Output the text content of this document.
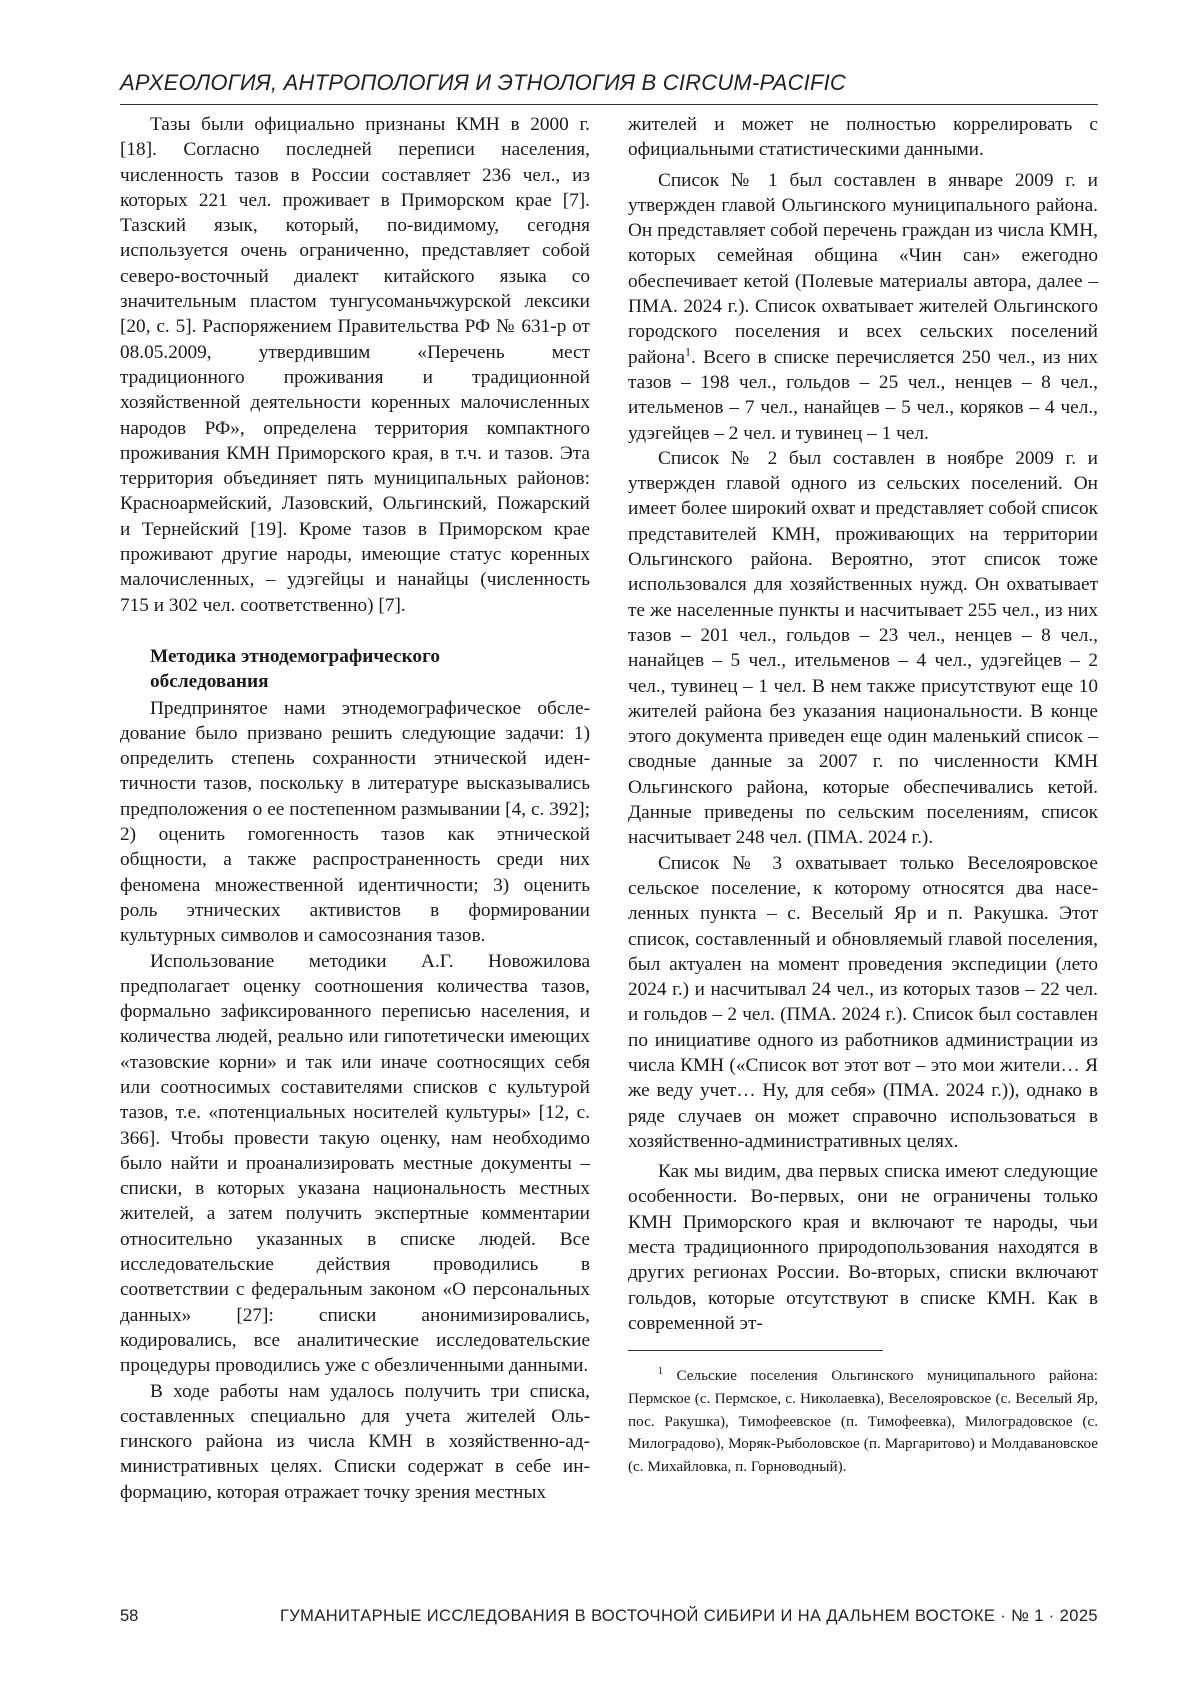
АРХЕОЛОГИЯ, АНТРОПОЛОГИЯ И ЭТНОЛОГИЯ В CIRCUM-PACIFIC

Тазы были официально признаны КМН в 2000 г. [18]. Согласно последней переписи населения, численность тазов в России составляет 236 чел., из которых 221 чел. проживает в Приморском крае [7]. Тазский язык, который, по-видимому, сегодня используется очень ограниченно, представляет собой северо-восточный диалект китайского языка со значительным пластом тунгусоманьчжурской лексики [20, с. 5]. Распоряжением Правительства РФ № 631-р от 08.05.2009, утвердившим «Перечень мест традиционного проживания и традиционной хозяйственной деятельности коренных малочисленных народов РФ», определена территория компактного проживания КМН Приморского края, в т.ч. и тазов. Эта территория объединяет пять муниципальных районов: Красноармейский, Лазовский, Ольгинский, Пожарский и Тернейский [19]. Кроме тазов в Приморском крае проживают другие народы, имеющие статус коренных малочисленных, – удэгейцы и нанайцы (численность 715 и 302 чел. соответственно) [7].

Методика этнодемографического
обследования

Предпринятое нами этнодемографическое обследование было призвано решить следующие задачи: 1) определить степень сохранности этнической идентичности тазов, поскольку в литературе высказывались предположения о ее постепенном размывании [4, с. 392]; 2) оценить гомогенность тазов как этнической общности, а также распространенность среди них феномена множественной идентичности; 3) оценить роль этнических активистов в формировании культурных символов и самосознания тазов.

Использование методики А.Г. Новожилова предполагает оценку соотношения количества тазов, формально зафиксированного переписью населения, и количества людей, реально или гипотетически имеющих «тазовские корни» и так или иначе соотносящих себя или соотносимых составителями списков с культурой тазов, т.е. «потенциальных носителей культуры» [12, с. 366]. Чтобы провести такую оценку, нам необходимо было найти и проанализировать местные документы – списки, в которых указана национальность местных жителей, а затем получить экспертные комментарии относительно указанных в списке людей. Все исследовательские действия проводились в соответствии с федеральным законом «О персональных данных» [27]: списки анонимизировались, кодировались, все аналитические исследовательские процедуры проводились уже с обезличенными данными.

В ходе работы нам удалось получить три списка, составленных специально для учета жителей Ольгинского района из числа КМН в хозяйственно-административных целях. Списки содержат в себе информацию, которая отражает точку зрения местных

жителей и может не полностью коррелировать с официальными статистическими данными.

Список № 1 был составлен в январе 2009 г. и утвержден главой Ольгинского муниципального района. Он представляет собой перечень граждан из числа КМН, которых семейная община «Чин сан» ежегодно обеспечивает кетой (Полевые материалы автора, далее – ПМА. 2024 г.). Список охватывает жителей Ольгинского городского поселения и всех сельских поселений района$^1$. Всего в списке перечисляется 250 чел., из них тазов – 198 чел., гольдов – 25 чел., ненцев – 8 чел., ительменов – 7 чел., нанайцев – 5 чел., коряков – 4 чел., удэгейцев – 2 чел. и тувинец – 1 чел.

Список № 2 был составлен в ноябре 2009 г. и утвержден главой одного из сельских поселений. Он имеет более широкий охват и представляет собой список представителей КМН, проживающих на территории Ольгинского района. Вероятно, этот список тоже использовался для хозяйственных нужд. Он охватывает те же населенные пункты и насчитывает 255 чел., из них тазов – 201 чел., гольдов – 23 чел., ненцев – 8 чел., нанайцев – 5 чел., ительменов – 4 чел., удэгейцев – 2 чел., тувинец – 1 чел. В нем также присутствуют еще 10 жителей района без указания национальности. В конце этого документа приведен еще один маленький список – сводные данные за 2007 г. по численности КМН Ольгинского района, которые обеспечивались кетой. Данные приведены по сельским поселениям, список насчитывает 248 чел. (ПМА. 2024 г.).

Список № 3 охватывает только Веселояровское сельское поселение, к которому относятся два населенных пункта – с. Веселый Яр и п. Ракушка. Этот список, составленный и обновляемый главой поселения, был актуален на момент проведения экспедиции (лето 2024 г.) и насчитывал 24 чел., из которых тазов – 22 чел. и гольдов – 2 чел. (ПМА. 2024 г.). Список был составлен по инициативе одного из работников администрации из числа КМН («Список вот этот вот – это мои жители… Я же веду учет… Ну, для себя» (ПМА. 2024 г.)), однако в ряде случаев он может справочно использоваться в хозяйственно-административных целях.

Как мы видим, два первых списка имеют следующие особенности. Во-первых, они не ограничены только КМН Приморского края и включают те народы, чьи места традиционного природопользования находятся в других регионах России. Во-вторых, списки включают гольдов, которые отсутствуют в списке КМН. Как в современной эт-

$^1$ Сельские поселения Ольгинского муниципального района: Пермское (с. Пермское, с. Николаевка), Веселояровское (с. Веселый Яр, пос. Ракушка), Тимофеевское (п. Тимофеевка), Милоградовское (с. Милоградово), Моряк-Рыболовское (п. Маргаритово) и Молдавановское (с. Михайловка, п. Горноводный).

58	ГУМАНИТАРНЫЕ ИССЛЕДОВАНИЯ В ВОСТОЧНОЙ СИБИРИ И НА ДАЛЬНЕМ ВОСТОКЕ · № 1 · 2025
